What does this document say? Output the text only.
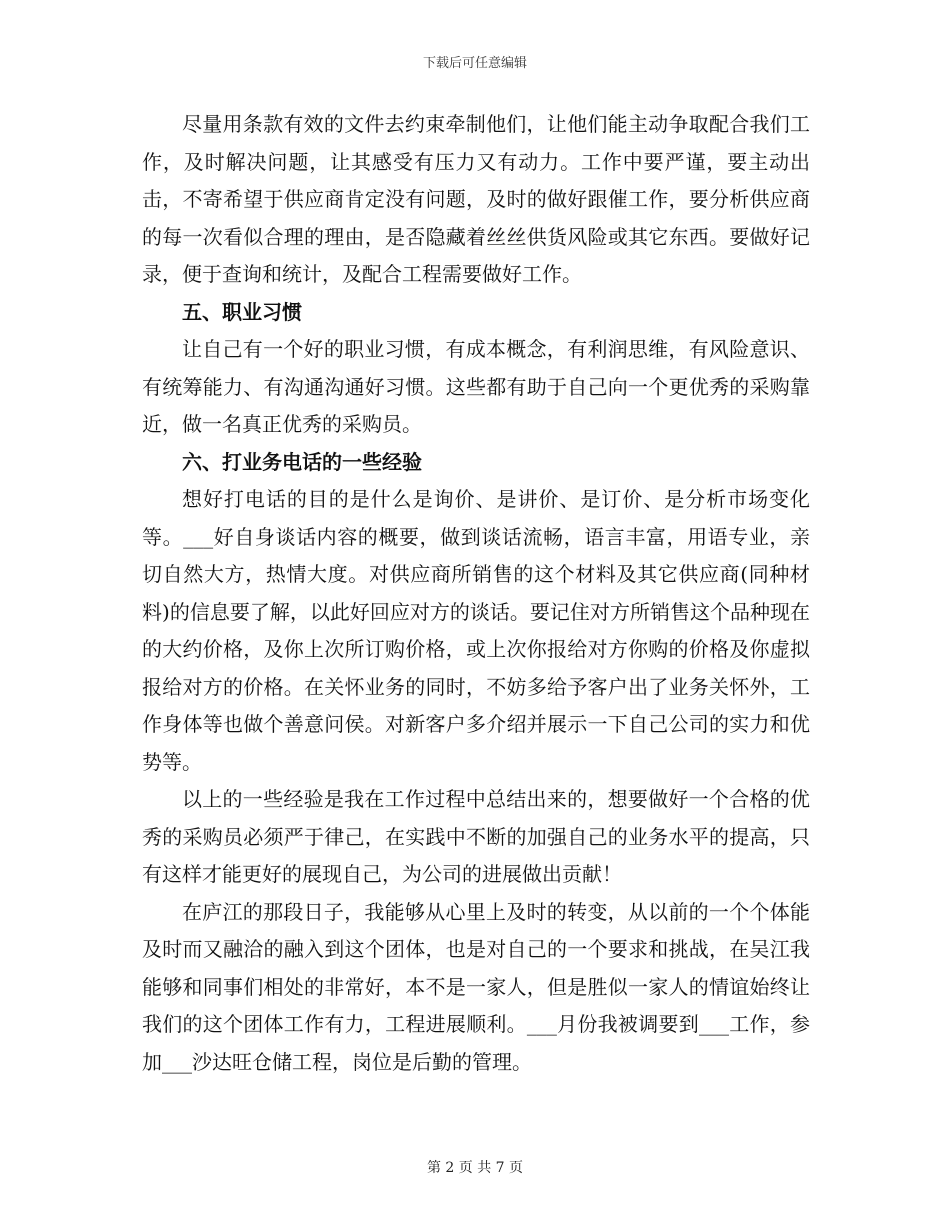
下载后可任意编辑

尽量用条款有效的文件去约束牵制他们，让他们能主动争取配合我们工作，及时解决问题，让其感受有压力又有动力。工作中要严谨，要主动出击，不寄希望于供应商肯定没有问题，及时的做好跟催工作，要分析供应商的每一次看似合理的理由，是否隐藏着丝丝供货风险或其它东西。要做好记录，便于查询和统计，及配合工程需要做好工作。

五、职业习惯

让自己有一个好的职业习惯，有成本概念，有利润思维，有风险意识、有统筹能力、有沟通沟通好习惯。这些都有助于自己向一个更优秀的采购靠近，做一名真正优秀的采购员。

六、打业务电话的一些经验

想好打电话的目的是什么是询价、是讲价、是订价、是分析市场变化等。___好自身谈话内容的概要，做到谈话流畅，语言丰富，用语专业，亲切自然大方，热情大度。对供应商所销售的这个材料及其它供应商(同种材料)的信息要了解，以此好回应对方的谈话。要记住对方所销售这个品种现在的大约价格，及你上次所订购价格，或上次你报给对方你购的价格及你虚拟报给对方的价格。在关怀业务的同时，不妨多给予客户出了业务关怀外，工作身体等也做个善意问侯。对新客户多介绍并展示一下自己公司的实力和优势等。

以上的一些经验是我在工作过程中总结出来的，想要做好一个合格的优秀的采购员必须严于律己，在实践中不断的加强自己的业务水平的提高，只有这样才能更好的展现自己，为公司的进展做出贡献！

在庐江的那段日子，我能够从心里上及时的转变，从以前的一个个体能及时而又融洽的融入到这个团体，也是对自己的一个要求和挑战，在吴江我能够和同事们相处的非常好，本不是一家人，但是胜似一家人的情谊始终让我们的这个团体工作有力，工程进展顺利。___月份我被调要到___工作，参加___沙达旺仓储工程，岗位是后勤的管理。

第 2 页 共 7 页
